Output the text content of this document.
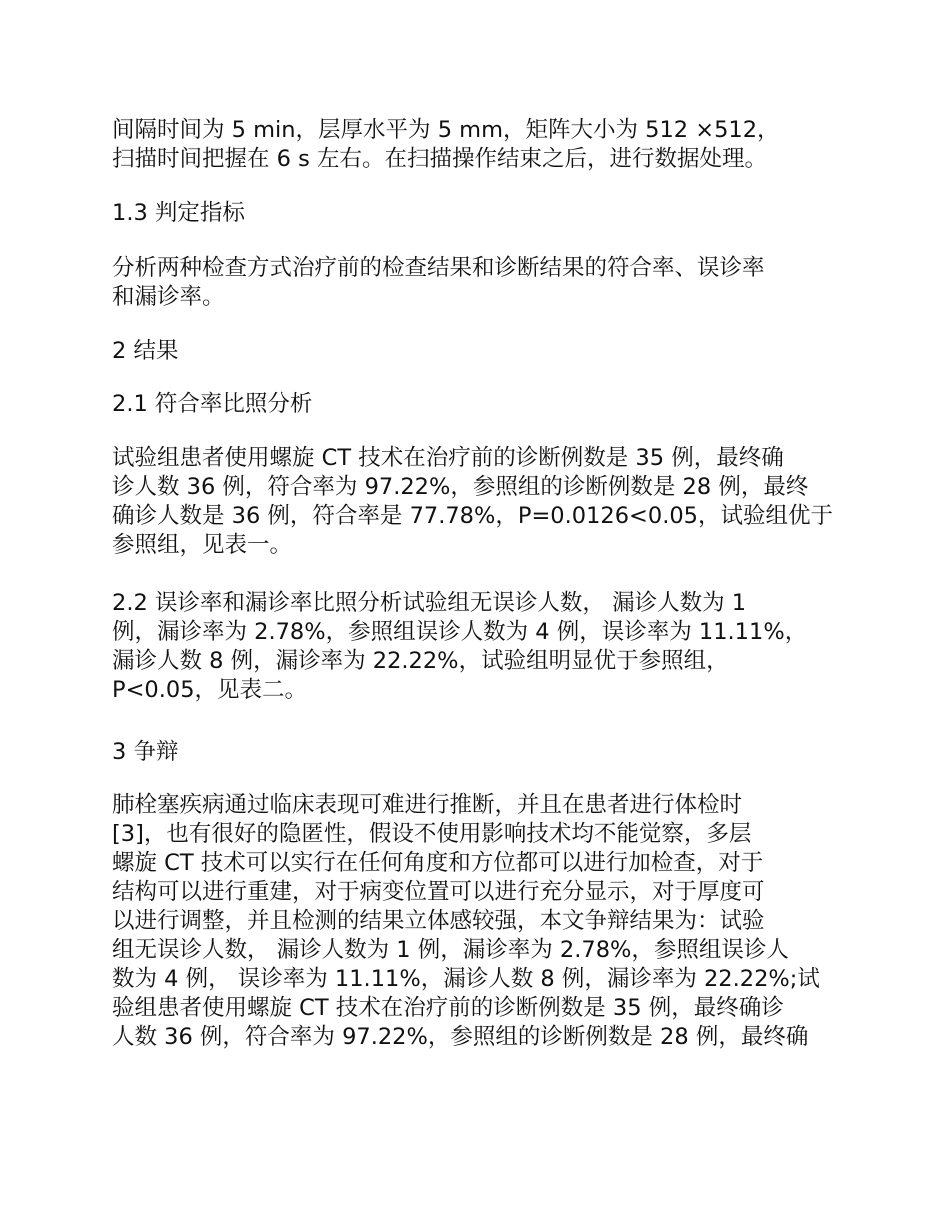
间隔时间为 5 min，层厚水平为 5 mm，矩阵大小为 512 ×512，
扫描时间把握在 6 s 左右。在扫描操作结束之后，进行数据处理。
1.3 判定指标
分析两种检查方式治疗前的检查结果和诊断结果的符合率、误诊率
和漏诊率。
2 结果
2.1 符合率比照分析
试验组患者使用螺旋 CT 技术在治疗前的诊断例数是 35 例，最终确
诊人数 36 例，符合率为 97.22%，参照组的诊断例数是 28 例，最终
确诊人数是 36 例，符合率是 77.78%，P=0.0126<0.05，试验组优于
参照组，见表一。
2.2 误诊率和漏诊率比照分析试验组无误诊人数， 漏诊人数为 1
例，漏诊率为 2.78%，参照组误诊人数为 4 例，误诊率为 11.11%，
漏诊人数 8 例，漏诊率为 22.22%，试验组明显优于参照组，
P<0.05，见表二。
3 争辩
肺栓塞疾病通过临床表现可难进行推断，并且在患者进行体检时
[3]，也有很好的隐匿性，假设不使用影响技术均不能觉察，多层
螺旋 CT 技术可以实行在任何角度和方位都可以进行加检查，对于
结构可以进行重建，对于病变位置可以进行充分显示，对于厚度可
以进行调整，并且检测的结果立体感较强，本文争辩结果为：试验
组无误诊人数， 漏诊人数为 1 例，漏诊率为 2.78%，参照组误诊人
数为 4 例， 误诊率为 11.11%，漏诊人数 8 例，漏诊率为 22.22%;试
验组患者使用螺旋 CT 技术在治疗前的诊断例数是 35 例，最终确诊
人数 36 例，符合率为 97.22%，参照组的诊断例数是 28 例，最终确
